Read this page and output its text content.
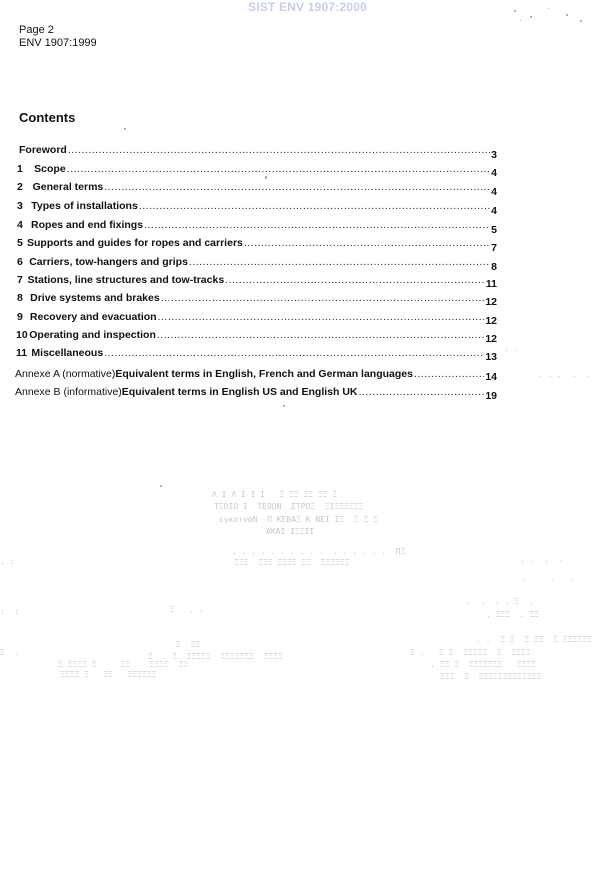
SIST ENV 1907:2000
Page 2
ENV 1907:1999
Contents
Foreword .....	3
1	Scope .....	4
2 General terms .....	4
3 Types of installations .....	4
4 Ropes and end fixings .....	5
5 Supports and guides for ropes and carriers .....	7
6 Carriers, tow-hangers and grips .....	8
7 Stations, line structures and tow-tracks .....	11
8 Drive systems and brakes .....	12
9 Recovery and evacuation .....	12
10 Operating and inspection .....	12
11 Miscellaneous .....	13
Annexe A (normative) Equivalent terms in English, French and German languages .....	14
Annexe B (informative) Equivalent terms in English US and English UK .....	19
Λ Ι Λ Ι Ι Ι   Ξ ΞΞ ΞΞ ΞΞ Ξ
ΤΞΟΙΟ Ι  ΤΕΟΩΝ  ΣΤΡΟΞ  ΞΙΞΞΞΞΞΞ
εγκοιναΝ  Π ΚΕΒΑΞ Κ ΝΕΙ ΙΞ  Ξ Ξ Ξ
ΑΚΑΙ ΙΞΞΙΙ
. . . . . . . . . .  . . . . . .  ΠΞ
ΞΞΞ  ΞΞΞ ΞΞΞΞ ΞΞ  ΞΞΞΞΞΞ
. :
:  :	Ξ   . .
.  .  . . Ξ  .
. ΞΞΞ  . ΞΞ
. .  .  .
.     .   .
Ξ  ΞΞ
Ξ  . Ξ  ΞΞΞΞΞ  ΞΞΞΞΞΞΞ  ΞΞΞΞ
Ξ ΞΞΞΞ Ξ     ΞΞ    ΞΞΞΞ  ΞΞ
ΞΞΞΞ Ξ   ΞΞ   ΞΞΞΞΞΞ
Ξ  .
. .  Ξ Ξ  Ξ ΞΞ  Ξ ΞΞΞΞΞΞ
Ξ .   Ξ Ξ  ΞΞΞΞΞ  Ξ  ΞΞΞΞ
. ΞΞ Ξ  ΞΞΞΞΞΞΞ   ΞΞΞΞ
ΞΞΞ  Ξ  ΞΞΞΞΞΞΞΞΞΞΞΞΞ
. . .  .  .
. .
